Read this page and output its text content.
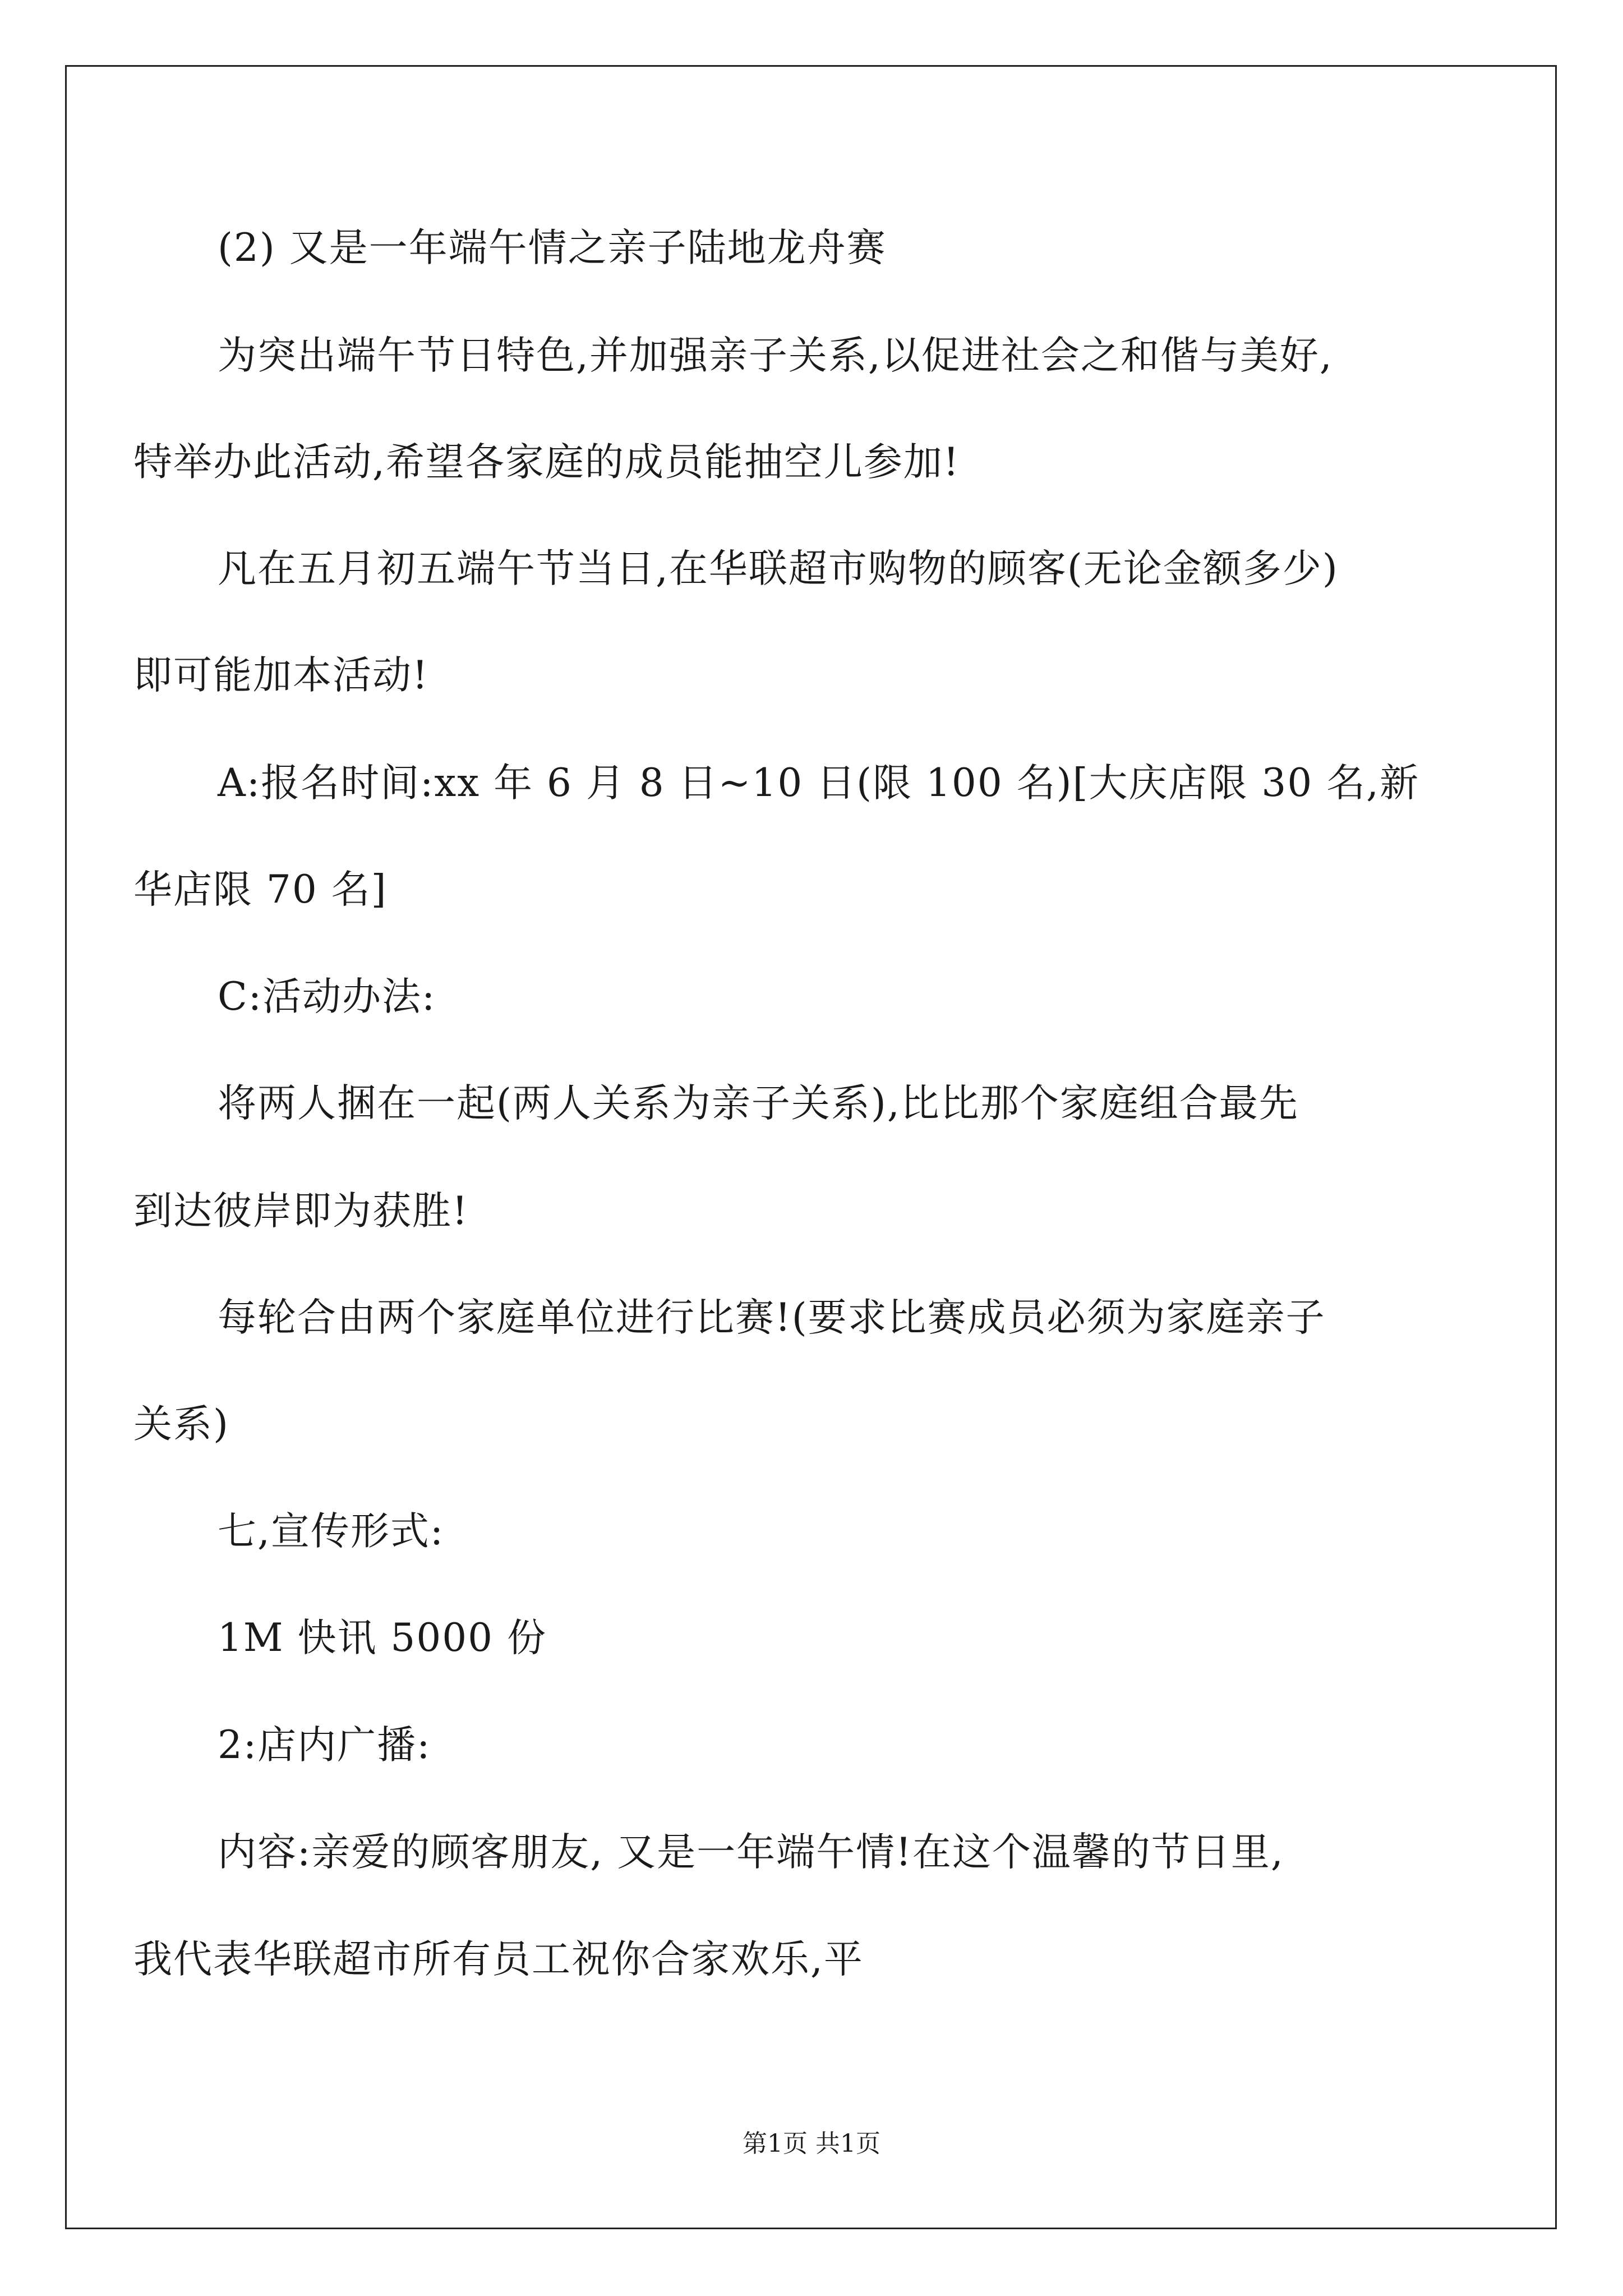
(2) 又是一年端午情之亲子陆地龙舟赛
为突出端午节日特色,并加强亲子关系,以促进社会之和偕与美好,
特举办此活动,希望各家庭的成员能抽空儿参加!
凡在五月初五端午节当日,在华联超市购物的顾客(无论金额多少)
即可能加本活动!
A:报名时间:xx 年 6 月 8 日~10 日(限 100 名)[大庆店限 30 名,新
华店限 70 名]
C:活动办法:
将两人捆在一起(两人关系为亲子关系),比比那个家庭组合最先
到达彼岸即为获胜!
每轮合由两个家庭单位进行比赛!(要求比赛成员必须为家庭亲子
关系)
七,宣传形式:
1M 快讯 5000 份
2:店内广播:
内容:亲爱的顾客朋友, 又是一年端午情!在这个温馨的节日里,
我代表华联超市所有员工祝你合家欢乐,平
第1页 共1页
